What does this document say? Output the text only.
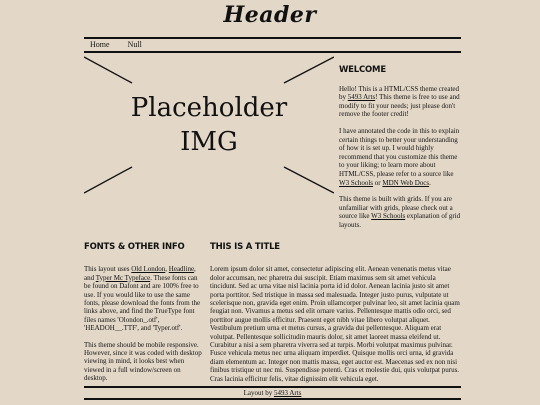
Header
Home Null
Placeholder
IMG
WELCOME

Hello! This is a HTML/CSS theme created by 5493 Arts! This theme is free to use and modify to fit your needs; just please don't remove the footer credit!

I have annotated the code in this to explain certain things to better your understanding of how it is set up. I would highly recommend that you customize this theme to your liking; to learn more about HTML/CSS, please refer to a source like W3 Schools or MDN Web Docs.

This theme is built with grids. If you are unfamiliar with grids, please check out a source like W3 Schools explanation of grid layouts.

FONTS & OTHER INFO

This layout uses Old London, Headline, and Typer Mc Typeface. These fonts can be found on Dafont and are 100% free to use. If you would like to use the same fonts, please download the fonts from the links above, and find the TrueType font files names 'Olondon_.otf', 'HEADOH__.TTF', and 'Typer.otf'.

This theme should be mobile responsive. However, since it was coded with desktop viewing in mind, it looks best when viewed in a full window/screen on desktop.

THIS IS A TITLE

Lorem ipsum dolor sit amet, consectetur adipiscing elit. Aenean venenatis metus vitae dolor accumsan, nec pharetra dui suscipit. Etiam maximus sem sit amet vehicula tincidunt. Sed ac urna vitae nisl lacinia porta id id dolor. Aenean lacinia justo sit amet porta porttitor. Sed tristique in massa sed malesuada. Integer justo purus, vulputate ut scelerisque non, gravida eget enim. Proin ullamcorper pulvinar leo, sit amet lacinia quam feugiat non. Vivamus a metus sed elit ornare varius. Pellentesque mattis odio orci, sed porttitor augue mollis efficitur. Praesent eget nibh vitae libero volutpat aliquet. Vestibulum pretium urna et metus cursus, a gravida dui pellentesque. Aliquam erat volutpat. Pellentesque sollicitudin mauris dolor, sit amet laoreet massa eleifend ut. Curabitur a nisi a sem pharetra viverra sed at turpis. Morbi volutpat maximus pulvinar. Fusce vehicula metus nec urna aliquam imperdiet. Quisque mollis orci urna, id gravida diam elementum ac. Integer non mattis massa, eget auctor est. Maecenas sed ex non nisi finibus tristique ut nec mi. Suspendisse potenti. Cras et molestie dui, quis volutpat purus. Cras lacinia efficitur felis, vitae dignissim elit vehicula eget.

Layout by 5493 Arts
